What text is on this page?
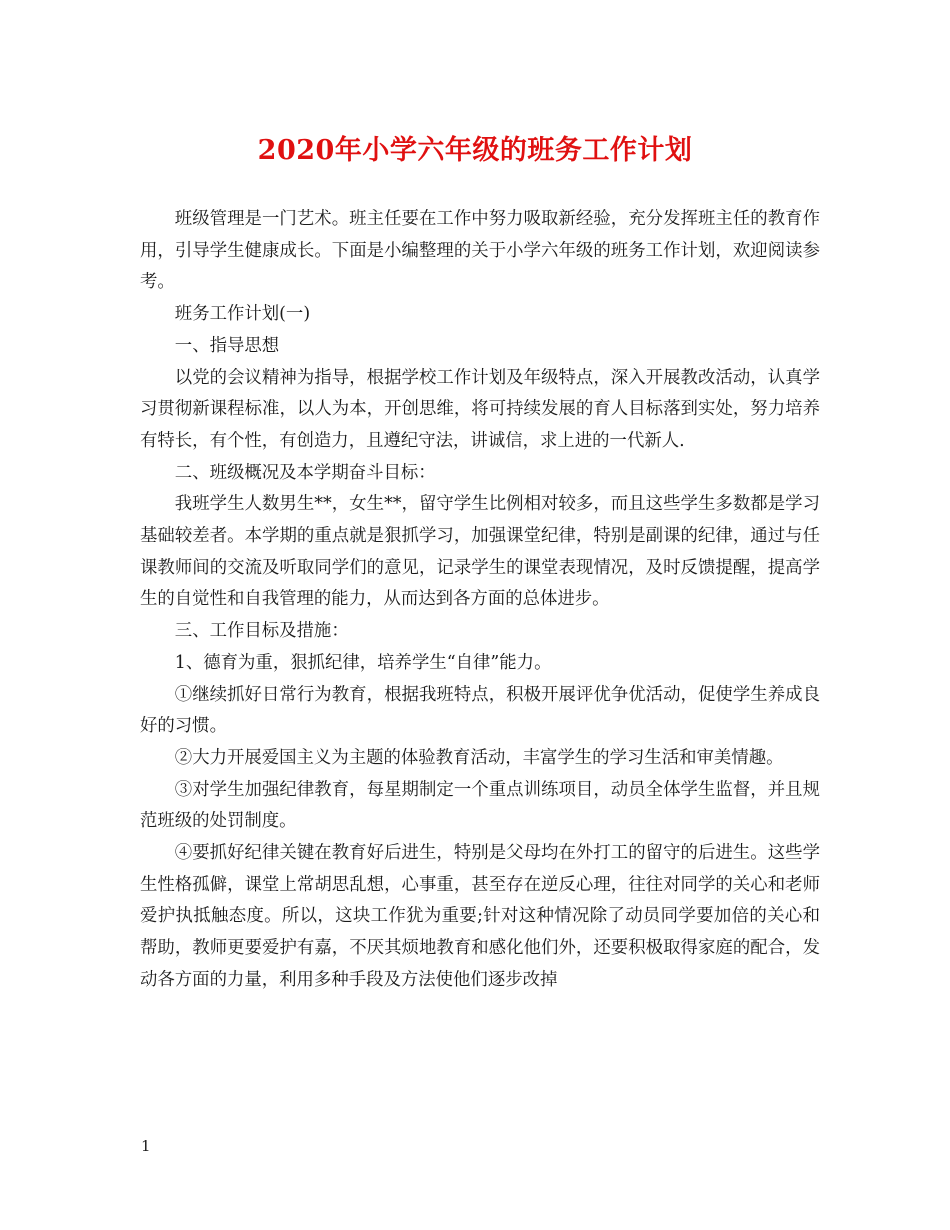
2020年小学六年级的班务工作计划

班级管理是一门艺术。班主任要在工作中努力吸取新经验，充分发挥班主任的教育作用，引导学生健康成长。下面是小编整理的关于小学六年级的班务工作计划，欢迎阅读参考。

班务工作计划(一)

一、指导思想

以党的会议精神为指导，根据学校工作计划及年级特点，深入开展教改活动，认真学习贯彻新课程标准，以人为本，开创思维，将可持续发展的育人目标落到实处，努力培养有特长，有个性，有创造力，且遵纪守法，讲诚信，求上进的一代新人.

二、班级概况及本学期奋斗目标：

我班学生人数男生**，女生**，留守学生比例相对较多，而且这些学生多数都是学习基础较差者。本学期的重点就是狠抓学习，加强课堂纪律，特别是副课的纪律，通过与任课教师间的交流及听取同学们的意见，记录学生的课堂表现情况，及时反馈提醒，提高学生的自觉性和自我管理的能力，从而达到各方面的总体进步。

三、工作目标及措施：

1、德育为重，狠抓纪律，培养学生“自律”能力。

①继续抓好日常行为教育，根据我班特点，积极开展评优争优活动，促使学生养成良好的习惯。

②大力开展爱国主义为主题的体验教育活动，丰富学生的学习生活和审美情趣。

③对学生加强纪律教育，每星期制定一个重点训练项目，动员全体学生监督，并且规范班级的处罚制度。

④要抓好纪律关键在教育好后进生，特别是父母均在外打工的留守的后进生。这些学生性格孤僻，课堂上常胡思乱想，心事重，甚至存在逆反心理，往往对同学的关心和老师爱护执抵触态度。所以，这块工作犹为重要;针对这种情况除了动员同学要加倍的关心和帮助，教师更要爱护有嘉，不厌其烦地教育和感化他们外，还要积极取得家庭的配合，发动各方面的力量，利用多种手段及方法使他们逐步改掉

1
